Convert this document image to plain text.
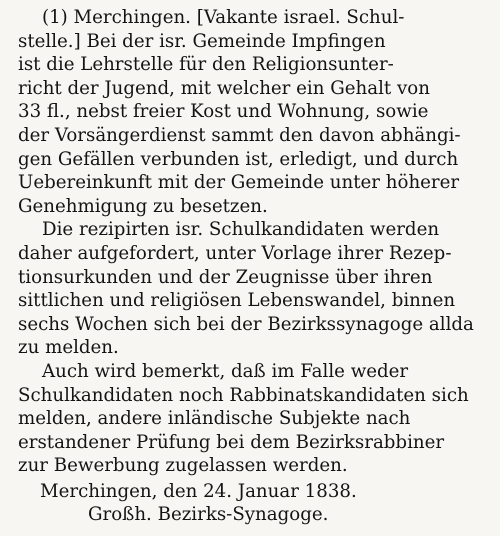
(1) Merchingen. [Vakante israel. Schul-
stelle.] Bei der isr. Gemeinde Impfingen
ist die Lehrstelle für den Religionsunter-
richt der Jugend, mit welcher ein Gehalt von
33 fl., nebst freier Kost und Wohnung, sowie
der Vorsängerdienst sammt den davon abhängi-
gen Gefällen verbunden ist, erledigt, und durch
Uebereinkunft mit der Gemeinde unter höherer
Genehmigung zu besetzen.
Die rezipirten isr. Schulkandidaten werden
daher aufgefordert, unter Vorlage ihrer Rezep-
tionsurkunden und der Zeugnisse über ihren
sittlichen und religiösen Lebenswandel, binnen
sechs Wochen sich bei der Bezirkssynagoge allda
zu melden.
Auch wird bemerkt, daß im Falle weder
Schulkandidaten noch Rabbinatskandidaten sich
melden, andere inländische Subjekte nach
erstandener Prüfung bei dem Bezirksrabbiner
zur Bewerbung zugelassen werden.
Merchingen, den 24. Januar 1838.
Großh. Bezirks-Synagoge.
